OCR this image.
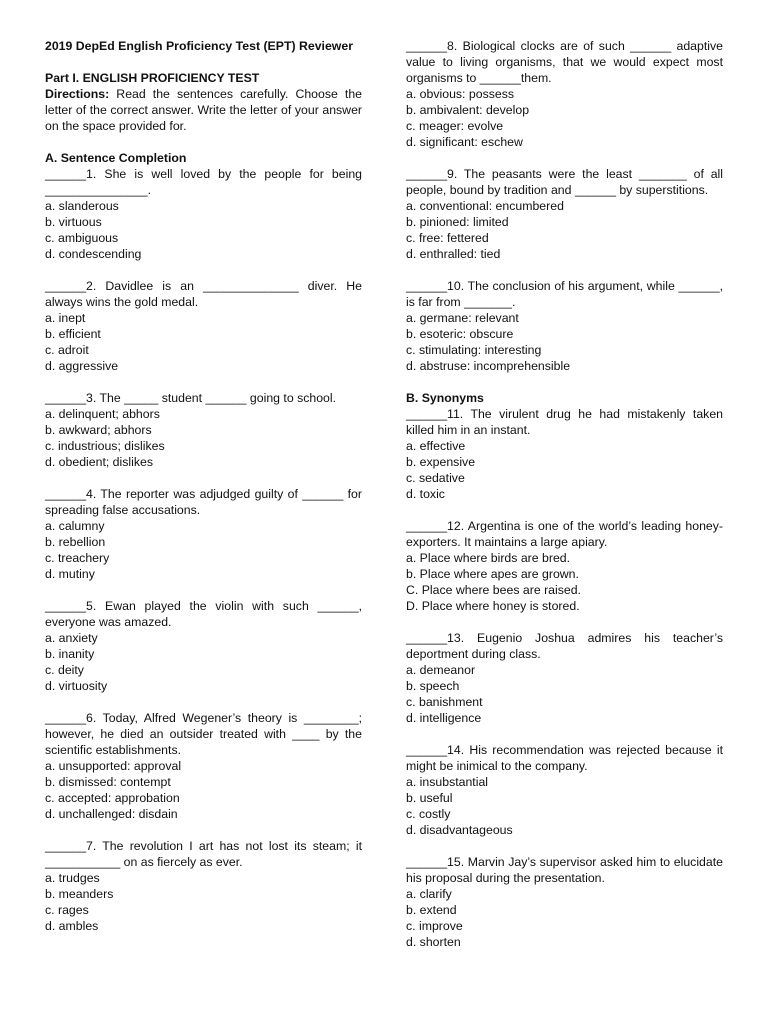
2019 DepEd English Proficiency Test (EPT) Reviewer

Part I. ENGLISH PROFICIENCY TEST

Directions: Read the sentences carefully. Choose the letter of the correct answer. Write the letter of your answer on the space provided for.

A. Sentence Completion
______1. She is well loved by the people for being _______________.
a. slanderous
b. virtuous
c. ambiguous
d. condescending
______2. Davidlee is an ______________ diver. He always wins the gold medal.
a. inept
b. efficient
c. adroit
d. aggressive
______3. The _____ student ______ going to school.
a. delinquent; abhors
b. awkward; abhors
c. industrious; dislikes
d. obedient; dislikes
______4. The reporter was adjudged guilty of ______ for spreading false accusations.
a. calumny
b. rebellion
c. treachery
d. mutiny
______5. Ewan played the violin with such ______, everyone was amazed.
a. anxiety
b. inanity
c. deity
d. virtuosity
______6. Today, Alfred Wegener’s theory is ________; however, he died an outsider treated with ____ by the scientific establishments.
a. unsupported: approval
b. dismissed: contempt
c. accepted: approbation
d. unchallenged: disdain
______7. The revolution I art has not lost its steam; it ___________ on as fiercely as ever.
a. trudges
b. meanders
c. rages
d. ambles
______8. Biological clocks are of such ______ adaptive value to living organisms, that we would expect most organisms to ______them.
a. obvious: possess
b. ambivalent: develop
c. meager: evolve
d. significant: eschew
______9. The peasants were the least _______ of all people, bound by tradition and ______ by superstitions.
a. conventional: encumbered
b. pinioned: limited
c. free: fettered
d. enthralled: tied
______10. The conclusion of his argument, while ______, is far from _______.
a. germane: relevant
b. esoteric: obscure
c. stimulating: interesting
d. abstruse: incomprehensible
B. Synonyms
______11. The virulent drug he had mistakenly taken killed him in an instant.
a. effective
b. expensive
c. sedative
d. toxic
______12. Argentina is one of the world’s leading honey-exporters. It maintains a large apiary.
a. Place where birds are bred.
b. Place where apes are grown.
C. Place where bees are raised.
D. Place where honey is stored.
______13. Eugenio Joshua admires his teacher’s deportment during class.
a. demeanor
b. speech
c. banishment
d. intelligence
______14. His recommendation was rejected because it might be inimical to the company.
a. insubstantial
b. useful
c. costly
d. disadvantageous
______15. Marvin Jay’s supervisor asked him to elucidate his proposal during the presentation.
a. clarify
b. extend
c. improve
d. shorten
